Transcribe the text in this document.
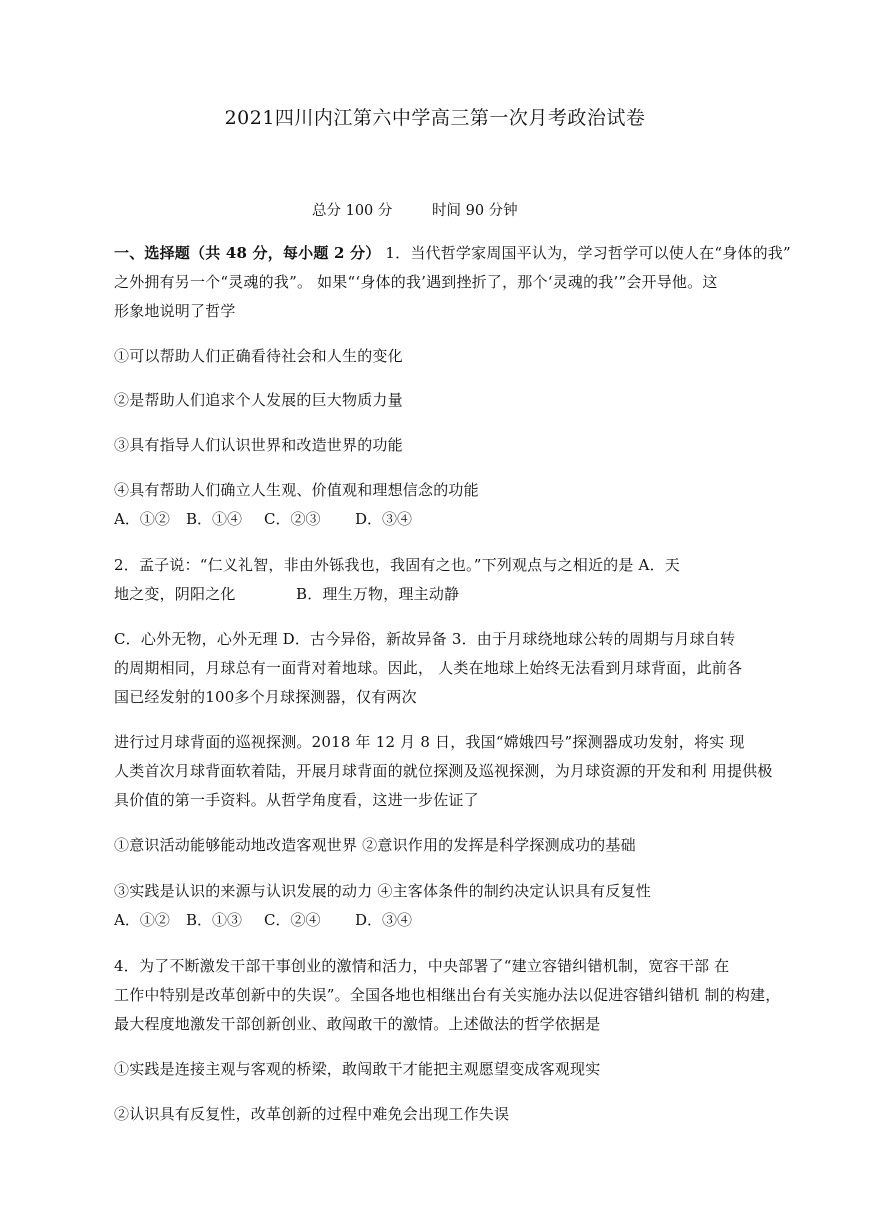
2021四川内江第六中学高三第一次月考政治试卷
总分 100 分	时间 90 分钟
一、选择题（共 48 分，每小题 2 分） 1．当代哲学家周国平认为，学习哲学可以使人在“身体的我”
之外拥有另一个“灵魂的我”。 如果“‘身体的我’遇到挫折了，那个‘灵魂的我’”会开导他。这
形象地说明了哲学
①可以帮助人们正确看待社会和人生的变化
②是帮助人们追求个人发展的巨大物质力量
③具有指导人们认识世界和改造世界的功能
④具有帮助人们确立人生观、价值观和理想信念的功能
A．①② B．①④ C．②③ D．③④
2．孟子说：“仁义礼智，非由外铄我也，我固有之也。”下列观点与之相近的是 A．天
地之变，阴阳之化	B．理生万物，理主动静
C．心外无物，心外无理 D．古今异俗，新故异备 3．由于月球绕地球公转的周期与月球自转
的周期相同，月球总有一面背对着地球。因此， 人类在地球上始终无法看到月球背面，此前各
国已经发射的100多个月球探测器，仅有两次
进行过月球背面的巡视探测。2018 年 12 月 8 日，我国“嫦娥四号”探测器成功发射，将实 现
人类首次月球背面软着陆，开展月球背面的就位探测及巡视探测，为月球资源的开发和利 用提供极
具价值的第一手资料。从哲学角度看，这进一步佐证了
①意识活动能够能动地改造客观世界 ②意识作用的发挥是科学探测成功的基础
③实践是认识的来源与认识发展的动力 ④主客体条件的制约决定认识具有反复性
A．①② B．①③ C．②④ D．③④
4．为了不断激发干部干事创业的激情和活力，中央部署了“建立容错纠错机制，宽容干部 在
工作中特别是改革创新中的失误”。全国各地也相继出台有关实施办法以促进容错纠错机 制的构建，
最大程度地激发干部创新创业、敢闯敢干的激情。上述做法的哲学依据是
①实践是连接主观与客观的桥梁，敢闯敢干才能把主观愿望变成客观现实
②认识具有反复性，改革创新的过程中难免会出现工作失误
